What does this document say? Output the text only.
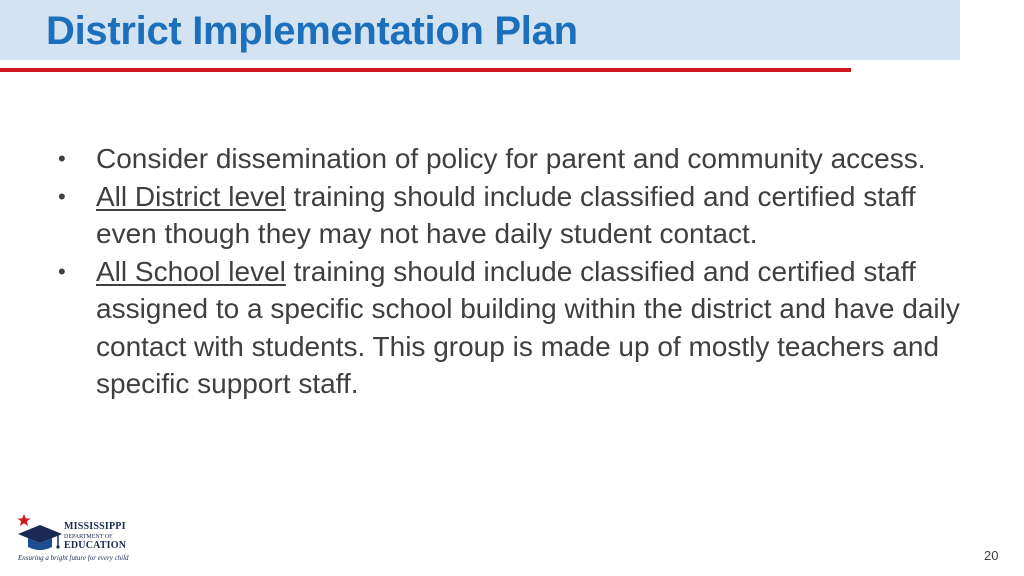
District Implementation Plan
• Consider dissemination of policy for parent and community access.
• All District level training should include classified and certified staff even though they may not have daily student contact.
• All School level training should include classified and certified staff assigned to a specific school building within the district and have daily contact with students. This group is made up of mostly teachers and specific support staff.
MISSISSIPPI
DEPARTMENT OF
EDUCATION
Ensuring a bright future for every child	20
